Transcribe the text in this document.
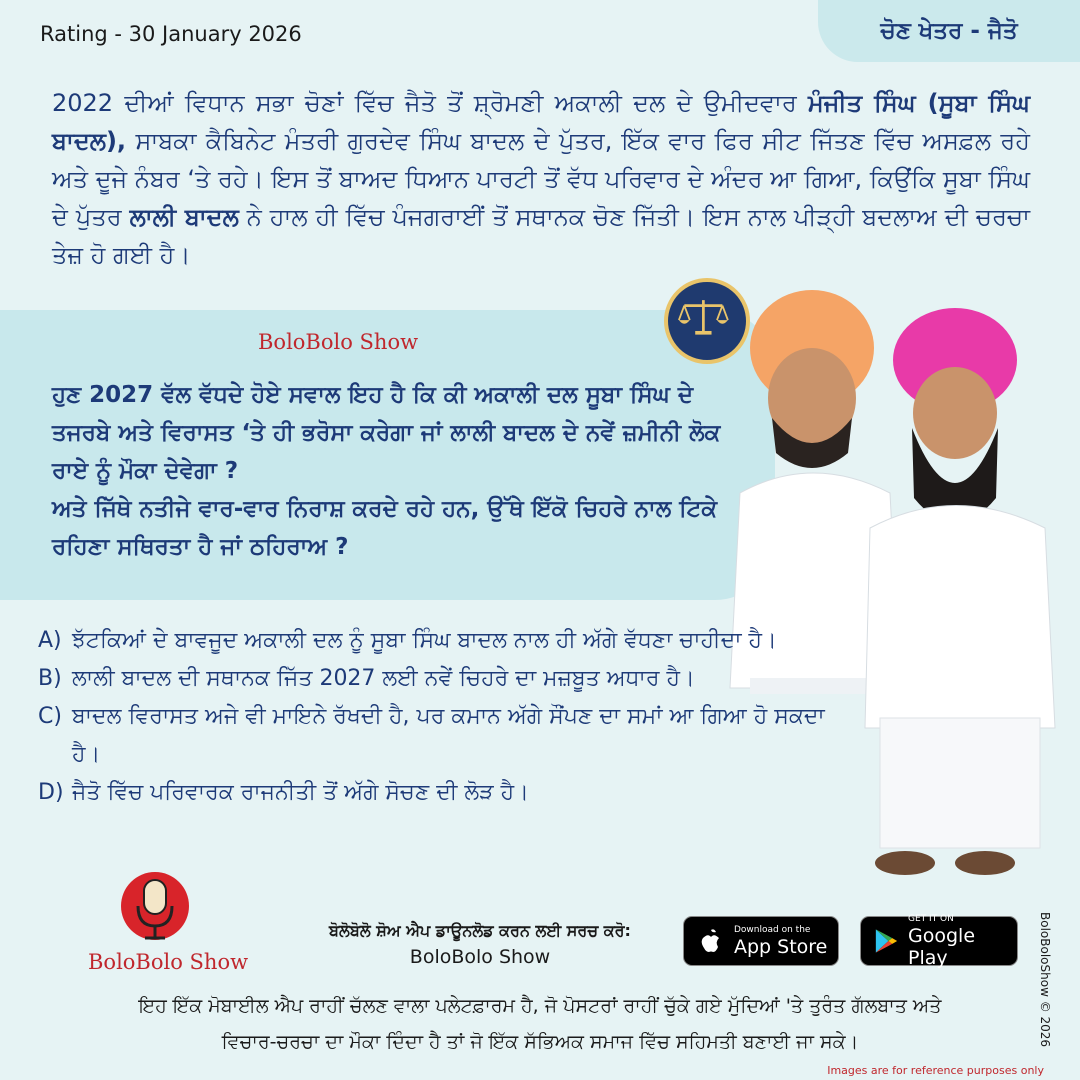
Rating - 30 January 2026	ਚੋਣ ਖੇਤਰ - ਜੈਤੋ
2022 ਦੀਆਂ ਵਿਧਾਨ ਸਭਾ ਚੋਣਾਂ ਵਿੱਚ ਜੈਤੋ ਤੋਂ ਸ਼੍ਰੋਮਣੀ ਅਕਾਲੀ ਦਲ ਦੇ ਉਮੀਦਵਾਰ ਮੰਜੀਤ ਸਿੰਘ (ਸੂਬਾ ਸਿੰਘ ਬਾਦਲ), ਸਾਬਕਾ ਕੈਬਿਨੇਟ ਮੰਤਰੀ ਗੁਰਦੇਵ ਸਿੰਘ ਬਾਦਲ ਦੇ ਪੁੱਤਰ, ਇੱਕ ਵਾਰ ਫਿਰ ਸੀਟ ਜਿੱਤਣ ਵਿੱਚ ਅਸਫ਼ਲ ਰਹੇ ਅਤੇ ਦੂਜੇ ਨੰਬਰ ‘ਤੇ ਰਹੇ। ਇਸ ਤੋਂ ਬਾਅਦ ਧਿਆਨ ਪਾਰਟੀ ਤੋਂ ਵੱਧ ਪਰਿਵਾਰ ਦੇ ਅੰਦਰ ਆ ਗਿਆ, ਕਿਉਂਕਿ ਸੂਬਾ ਸਿੰਘ ਦੇ ਪੁੱਤਰ ਲਾਲੀ ਬਾਦਲ ਨੇ ਹਾਲ ਹੀ ਵਿੱਚ ਪੰਜਗਰਾਈਂ ਤੋਂ ਸਥਾਨਕ ਚੋਣ ਜਿੱਤੀ। ਇਸ ਨਾਲ ਪੀੜ੍ਹੀ ਬਦਲਾਅ ਦੀ ਚਰਚਾ ਤੇਜ਼ ਹੋ ਗਈ ਹੈ।
BoloBolo Show
ਹੁਣ 2027 ਵੱਲ ਵੱਧਦੇ ਹੋਏ ਸਵਾਲ ਇਹ ਹੈ ਕਿ ਕੀ ਅਕਾਲੀ ਦਲ ਸੂਬਾ ਸਿੰਘ ਦੇ ਤਜਰਬੇ ਅਤੇ ਵਿਰਾਸਤ ‘ਤੇ ਹੀ ਭਰੋਸਾ ਕਰੇਗਾ ਜਾਂ ਲਾਲੀ ਬਾਦਲ ਦੇ ਨਵੇਂ ਜ਼ਮੀਨੀ ਲੋਕ ਰਾਏ ਨੂੰ ਮੌਕਾ ਦੇਵੇਗਾ ?
ਅਤੇ ਜਿੱਥੇ ਨਤੀਜੇ ਵਾਰ-ਵਾਰ ਨਿਰਾਸ਼ ਕਰਦੇ ਰਹੇ ਹਨ, ਉੱਥੇ ਇੱਕੋ ਚਿਹਰੇ ਨਾਲ ਟਿਕੇ ਰਹਿਣਾ ਸਥਿਰਤਾ ਹੈ ਜਾਂ ਠਹਿਰਾਅ ?
A) ਝੱਟਕਿਆਂ ਦੇ ਬਾਵਜੂਦ ਅਕਾਲੀ ਦਲ ਨੂੰ ਸੂਬਾ ਸਿੰਘ ਬਾਦਲ ਨਾਲ ਹੀ ਅੱਗੇ ਵੱਧਣਾ ਚਾਹੀਦਾ ਹੈ।
B) ਲਾਲੀ ਬਾਦਲ ਦੀ ਸਥਾਨਕ ਜਿੱਤ 2027 ਲਈ ਨਵੇਂ ਚਿਹਰੇ ਦਾ ਮਜ਼ਬੂਤ ਅਧਾਰ ਹੈ।
C) ਬਾਦਲ ਵਿਰਾਸਤ ਅਜੇ ਵੀ ਮਾਇਨੇ ਰੱਖਦੀ ਹੈ, ਪਰ ਕਮਾਨ ਅੱਗੇ ਸੌਂਪਣ ਦਾ ਸਮਾਂ ਆ ਗਿਆ ਹੋ ਸਕਦਾ ਹੈ।
D) ਜੈਤੋ ਵਿੱਚ ਪਰਿਵਾਰਕ ਰਾਜਨੀਤੀ ਤੋਂ ਅੱਗੇ ਸੋਚਣ ਦੀ ਲੋੜ ਹੈ।
BoloBolo Show
ਬੋਲੋਬੋਲੋ ਸ਼ੋਅ ਐਪ ਡਾਊਨਲੋਡ ਕਰਨ ਲਈ ਸਰਚ ਕਰੋ:
BoloBolo Show
Download on the
App Store
GET IT ON
Google Play
ਇਹ ਇੱਕ ਮੋਬਾਈਲ ਐਪ ਰਾਹੀਂ ਚੱਲਣ ਵਾਲਾ ਪਲੇਟਫ਼ਾਰਮ ਹੈ, ਜੋ ਪੋਸਟਰਾਂ ਰਾਹੀਂ ਚੁੱਕੇ ਗਏ ਮੁੱਦਿਆਂ 'ਤੇ ਤੁਰੰਤ ਗੱਲਬਾਤ ਅਤੇ
ਵਿਚਾਰ-ਚਰਚਾ ਦਾ ਮੌਕਾ ਦਿੰਦਾ ਹੈ ਤਾਂ ਜੋ ਇੱਕ ਸੱਭਿਅਕ ਸਮਾਜ ਵਿੱਚ ਸਹਿਮਤੀ ਬਣਾਈ ਜਾ ਸਕੇ।	BoloBoloShow © 2026
Images are for reference purposes only
